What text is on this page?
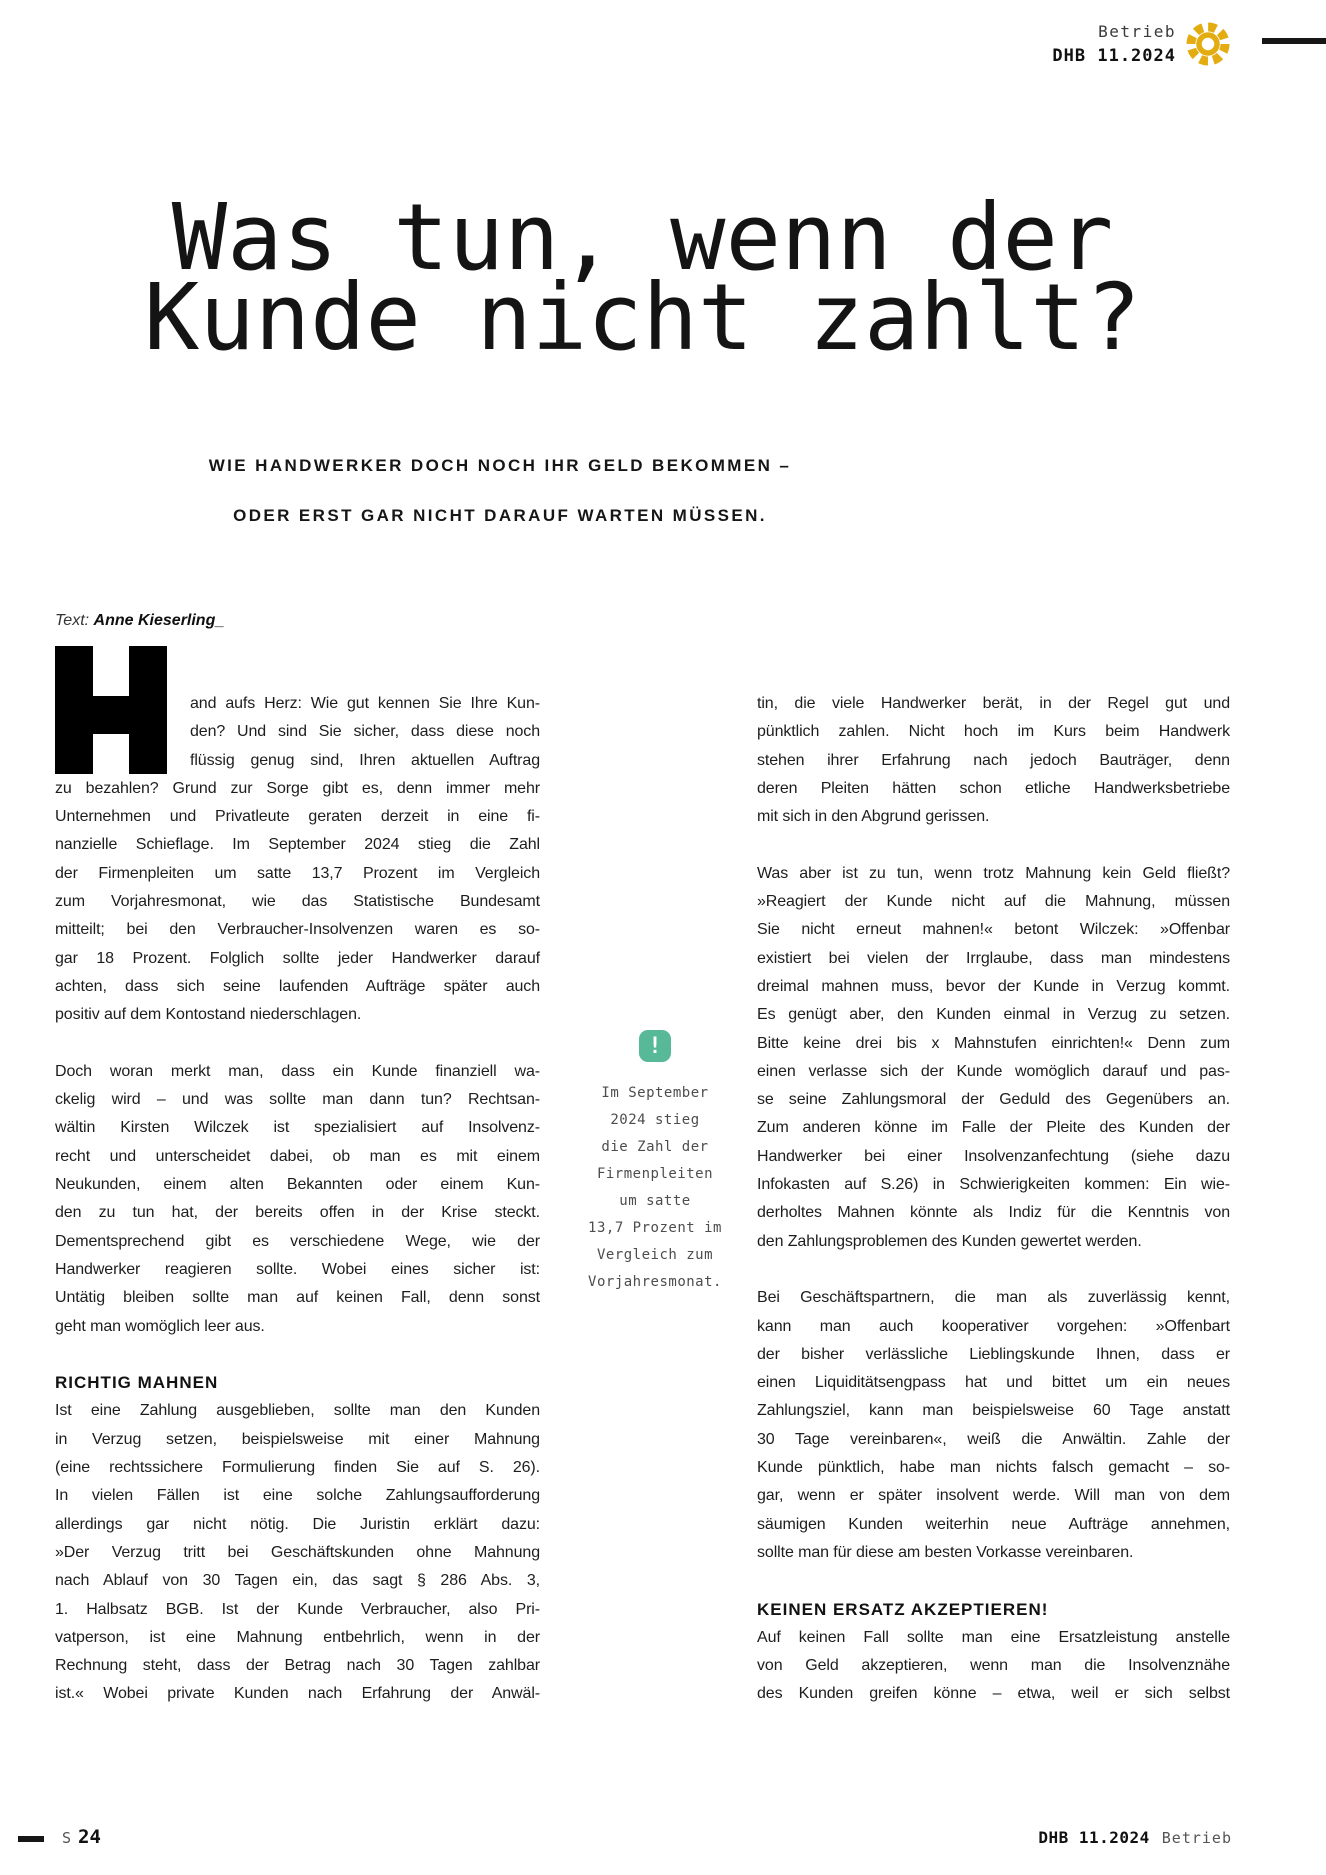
Betrieb
DHB 11.2024
Was tun, wenn der
Kunde nicht zahlt?
WIE HANDWERKER DOCH NOCH IHR GELD BEKOMMEN –
ODER ERST GAR NICHT DARAUF WARTEN MÜSSEN.
Text: Anne Kieserling_
and aufs Herz: Wie gut kennen Sie Ihre Kun-
den? Und sind Sie sicher, dass diese noch
flüssig genug sind, Ihren aktuellen Auftrag
zu bezahlen? Grund zur Sorge gibt es, denn immer mehr
Unternehmen und Privatleute geraten derzeit in eine fi-
nanzielle Schieflage. Im September 2024 stieg die Zahl
der Firmenpleiten um satte 13,7 Prozent im Vergleich
zum Vorjahresmonat, wie das Statistische Bundesamt
mitteilt; bei den Verbraucher-Insolvenzen waren es so-
gar 18 Prozent. Folglich sollte jeder Handwerker darauf
achten, dass sich seine laufenden Aufträge später auch
positiv auf dem Kontostand niederschlagen.
Doch woran merkt man, dass ein Kunde finanziell wa-
ckelig wird – und was sollte man dann tun? Rechtsan-
wältin Kirsten Wilczek ist spezialisiert auf Insolvenz-
recht und unterscheidet dabei, ob man es mit einem
Neukunden, einem alten Bekannten oder einem Kun-
den zu tun hat, der bereits offen in der Krise steckt.
Dementsprechend gibt es verschiedene Wege, wie der
Handwerker reagieren sollte. Wobei eines sicher ist:
Untätig bleiben sollte man auf keinen Fall, denn sonst
geht man womöglich leer aus.
RICHTIG MAHNEN
Ist eine Zahlung ausgeblieben, sollte man den Kunden
in Verzug setzen, beispielsweise mit einer Mahnung
(eine rechtssichere Formulierung finden Sie auf S. 26).
In vielen Fällen ist eine solche Zahlungsaufforderung
allerdings gar nicht nötig. Die Juristin erklärt dazu:
»Der Verzug tritt bei Geschäftskunden ohne Mahnung
nach Ablauf von 30 Tagen ein, das sagt § 286 Abs. 3,
1. Halbsatz BGB. Ist der Kunde Verbraucher, also Pri-
vatperson, ist eine Mahnung entbehrlich, wenn in der
Rechnung steht, dass der Betrag nach 30 Tagen zahlbar
ist.« Wobei private Kunden nach Erfahrung der Anwäl-
tin, die viele Handwerker berät, in der Regel gut und
pünktlich zahlen. Nicht hoch im Kurs beim Handwerk
stehen ihrer Erfahrung nach jedoch Bauträger, denn
deren Pleiten hätten schon etliche Handwerksbetriebe
mit sich in den Abgrund gerissen.
Was aber ist zu tun, wenn trotz Mahnung kein Geld fließt?
»Reagiert der Kunde nicht auf die Mahnung, müssen
Sie nicht erneut mahnen!« betont Wilczek: »Offenbar
existiert bei vielen der Irrglaube, dass man mindestens
dreimal mahnen muss, bevor der Kunde in Verzug kommt.
Es genügt aber, den Kunden einmal in Verzug zu setzen.
Bitte keine drei bis x Mahnstufen einrichten!« Denn zum
einen verlasse sich der Kunde womöglich darauf und pas-
se seine Zahlungsmoral der Geduld des Gegenübers an.
Zum anderen könne im Falle der Pleite des Kunden der
Handwerker bei einer Insolvenzanfechtung (siehe dazu
Infokasten auf S.26) in Schwierigkeiten kommen: Ein wie-
derholtes Mahnen könnte als Indiz für die Kenntnis von
den Zahlungsproblemen des Kunden gewertet werden.
Bei Geschäftspartnern, die man als zuverlässig kennt,
kann man auch kooperativer vorgehen: »Offenbart
der bisher verlässliche Lieblingskunde Ihnen, dass er
einen Liquiditätsengpass hat und bittet um ein neues
Zahlungsziel, kann man beispielsweise 60 Tage anstatt
30 Tage vereinbaren«, weiß die Anwältin. Zahle der
Kunde pünktlich, habe man nichts falsch gemacht – so-
gar, wenn er später insolvent werde. Will man von dem
säumigen Kunden weiterhin neue Aufträge annehmen,
sollte man für diese am besten Vorkasse vereinbaren.
KEINEN ERSATZ AKZEPTIEREN!
Auf keinen Fall sollte man eine Ersatzleistung anstelle
von Geld akzeptieren, wenn man die Insolvenznähe
des Kunden greifen könne – etwa, weil er sich selbst
!
Im September
2024 stieg
die Zahl der
Firmenpleiten
um satte
13,7 Prozent im
Vergleich zum
Vorjahresmonat.
S 24	DHB 11.2024 Betrieb
